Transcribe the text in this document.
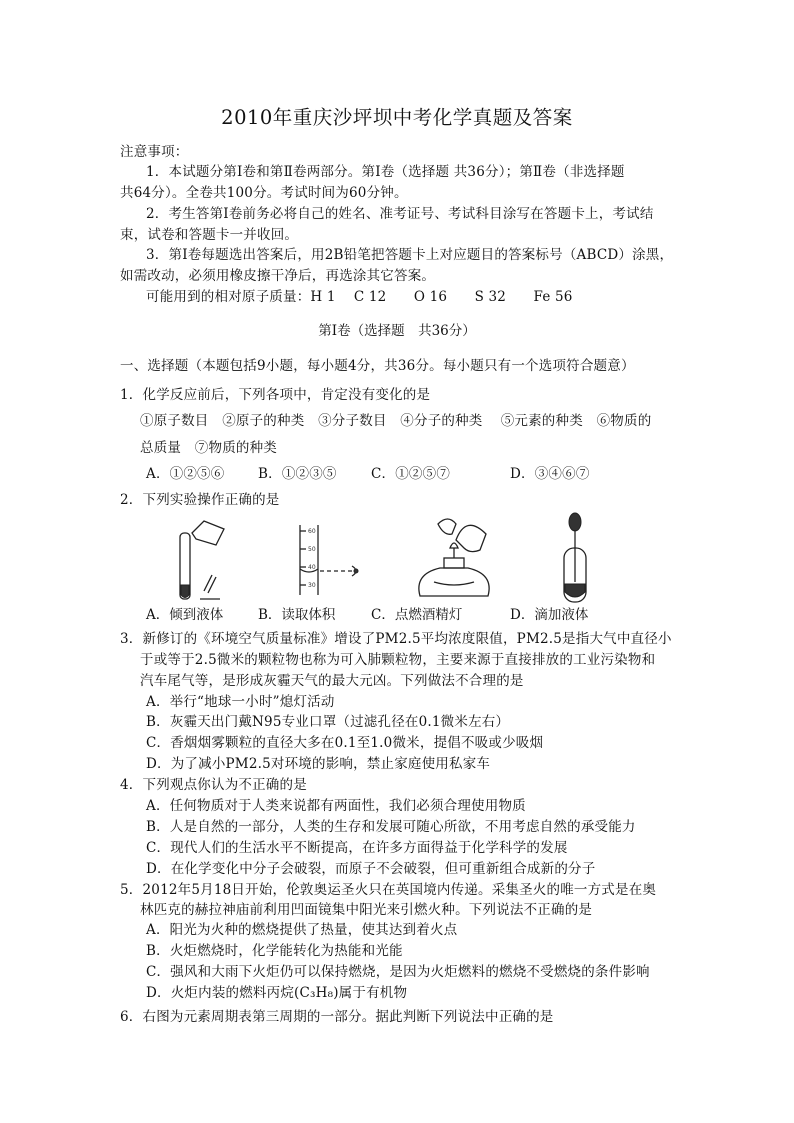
2010年重庆沙坪坝中考化学真题及答案
注意事项：
1．本试题分第Ⅰ卷和第Ⅱ卷两部分。第Ⅰ卷（选择题 共36分）；第Ⅱ卷（非选择题
共64分）。全卷共100分。考试时间为60分钟。
2．考生答第Ⅰ卷前务必将自己的姓名、准考证号、考试科目涂写在答题卡上，考试结
束，试卷和答题卡一并收回。
3．第Ⅰ卷每题选出答案后，用2B铅笔把答题卡上对应题目的答案标号（ABCD）涂黑，
如需改动，必须用橡皮擦干净后，再选涂其它答案。
可能用到的相对原子质量：H 1　 C 12　　O 16　　S 32　　Fe 56
第Ⅰ卷（选择题　共36分）
一、选择题（本题包括9小题，每小题4分，共36分。每小题只有一个选项符合题意）
1．化学反应前后，下列各项中，肯定没有变化的是
①原子数目　②原子的种类　③分子数目　④分子的种类　 ⑤元素的种类　⑥物质的
总质量　⑦物质的种类
A．①②⑤⑥ B．①②③⑤	C．①②⑤⑦	D．③④⑥⑦
2．下列实验操作正确的是
60
50
40
30
A．倾到液体	B．读取体积	C．点燃酒精灯	D．滴加液体
3．新修订的《环境空气质量标准》增设了PM2.5平均浓度限值，PM2.5是指大气中直径小
于或等于2.5微米的颗粒物也称为可入肺颗粒物，主要来源于直接排放的工业污染物和
汽车尾气等，是形成灰霾天气的最大元凶。下列做法不合理的是
A．举行“地球一小时”熄灯活动
B．灰霾天出门戴N95专业口罩（过滤孔径在0.1微米左右）
C．香烟烟雾颗粒的直径大多在0.1至1.0微米，提倡不吸或少吸烟
D．为了减小PM2.5对环境的影响，禁止家庭使用私家车
4．下列观点你认为不正确的是
A．任何物质对于人类来说都有两面性，我们必须合理使用物质
B．人是自然的一部分，人类的生存和发展可随心所欲，不用考虑自然的承受能力
C．现代人们的生活水平不断提高，在许多方面得益于化学科学的发展
D．在化学变化中分子会破裂，而原子不会破裂，但可重新组合成新的分子
5．2012年5月18日开始，伦敦奥运圣火只在英国境内传递。采集圣火的唯一方式是在奥
林匹克的赫拉神庙前利用凹面镜集中阳光来引燃火种。下列说法不正确的是
A．阳光为火种的燃烧提供了热量，使其达到着火点
B．火炬燃烧时，化学能转化为热能和光能
C．强风和大雨下火炬仍可以保持燃烧，是因为火炬燃料的燃烧不受燃烧的条件影响
D．火炬内装的燃料丙烷(C₃H₈)属于有机物
6．右图为元素周期表第三周期的一部分。据此判断下列说法中正确的是
